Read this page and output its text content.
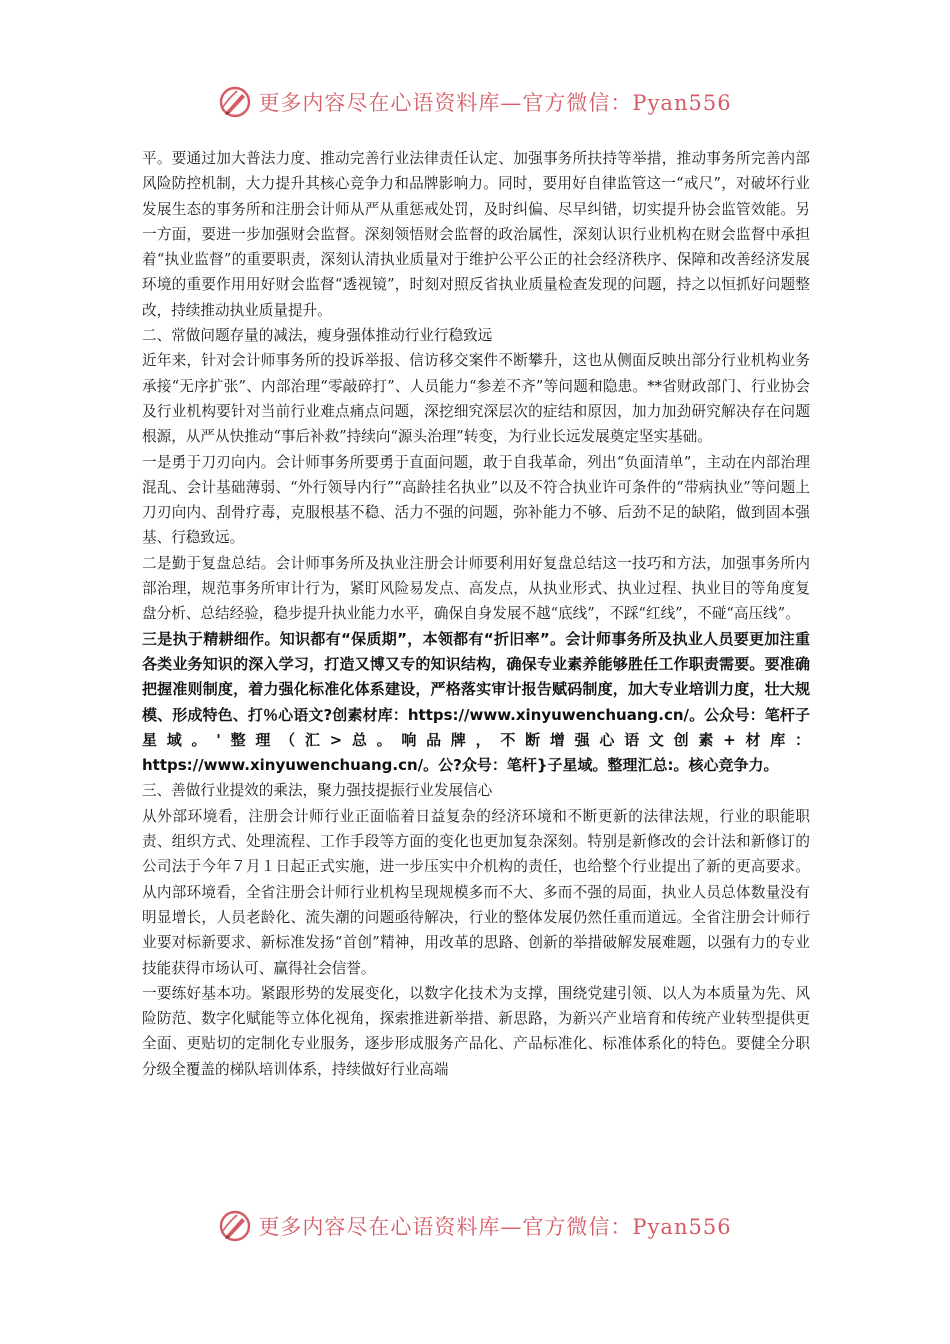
更多内容尽在心语资料库—官方微信：Pyan556

平。要通过加大普法力度、推动完善行业法律责任认定、加强事务所扶持等举措，推动事务所完善内部风险防控机制，大力提升其核心竞争力和品牌影响力。同时，要用好自律监管这一“戒尺”，对破坏行业发展生态的事务所和注册会计师从严从重惩戒处罚，及时纠偏、尽早纠错，切实提升协会监管效能。另一方面，要进一步加强财会监督。深刻领悟财会监督的政治属性，深刻认识行业机构在财会监督中承担着“执业监督”的重要职责，深刻认清执业质量对于维护公平公正的社会经济秩序、保障和改善经济发展环境的重要作用用好财会监督“透视镜”，时刻对照反省执业质量检查发现的问题，持之以恒抓好问题整改，持续推动执业质量提升。

二、常做问题存量的减法，瘦身强体推动行业行稳致远

近年来，针对会计师事务所的投诉举报、信访移交案件不断攀升，这也从侧面反映出部分行业机构业务承接“无序扩张”、内部治理“零敲碎打”、人员能力“参差不齐”等问题和隐患。**省财政部门、行业协会及行业机构要针对当前行业难点痛点问题，深挖细究深层次的症结和原因，加力加劲研究解决存在问题根源，从严从快推动“事后补救”持续向“源头治理”转变，为行业长远发展奠定坚实基础。

一是勇于刀刃向内。会计师事务所要勇于直面问题，敢于自我革命，列出“负面清单”，主动在内部治理混乱、会计基础薄弱、“外行领导内行”“高龄挂名执业”以及不符合执业许可条件的“带病执业”等问题上刀刃向内、刮骨疗毒，克服根基不稳、活力不强的问题，弥补能力不够、后劲不足的缺陷，做到固本强基、行稳致远。

二是勤于复盘总结。会计师事务所及执业注册会计师要利用好复盘总结这一技巧和方法，加强事务所内部治理，规范事务所审计行为，紧盯风险易发点、高发点，从执业形式、执业过程、执业目的等角度复盘分析、总结经验，稳步提升执业能力水平，确保自身发展不越“底线”，不踩“红线”，不碰“高压线”。

三是执于精耕细作。知识都有“保质期”，本领都有“折旧率”。会计师事务所及执业人员要更加注重各类业务知识的深入学习，打造又博又专的知识结构，确保专业素养能够胜任工作职责需要。要准确把握准则制度，着力强化标准化体系建设，严格落实审计报告赋码制度，加大专业培训力度，壮大规模、形成特色、打％心语文?创素材库：https://www.xinyuwenchuang.cn/。公众号：笔杆子星域。'整理（汇>总。响品牌，不断增强心语文创素+材库：https://www.xinyuwenchuang.cn/。公?众号：笔杆}子星域。整理汇总:。核心竞争力。

三、善做行业提效的乘法，聚力强技提振行业发展信心

从外部环境看，注册会计师行业正面临着日益复杂的经济环境和不断更新的法律法规，行业的职能职责、组织方式、处理流程、工作手段等方面的变化也更加复杂深刻。特别是新修改的会计法和新修订的公司法于今年７月１日起正式实施，进一步压实中介机构的责任，也给整个行业提出了新的更高要求。从内部环境看，全省注册会计师行业机构呈现规模多而不大、多而不强的局面，执业人员总体数量没有明显增长，人员老龄化、流失潮的问题亟待解决，行业的整体发展仍然任重而道远。全省注册会计师行业要对标新要求、新标准发扬“首创”精神，用改革的思路、创新的举措破解发展难题，以强有力的专业技能获得市场认可、赢得社会信誉。

一要练好基本功。紧跟形势的发展变化，以数字化技术为支撑，围绕党建引领、以人为本质量为先、风险防范、数字化赋能等立体化视角，探索推进新举措、新思路，为新兴产业培育和传统产业转型提供更全面、更贴切的定制化专业服务，逐步形成服务产品化、产品标准化、标准体系化的特色。要健全分职分级全覆盖的梯队培训体系，持续做好行业高端

更多内容尽在心语资料库—官方微信：Pyan556
